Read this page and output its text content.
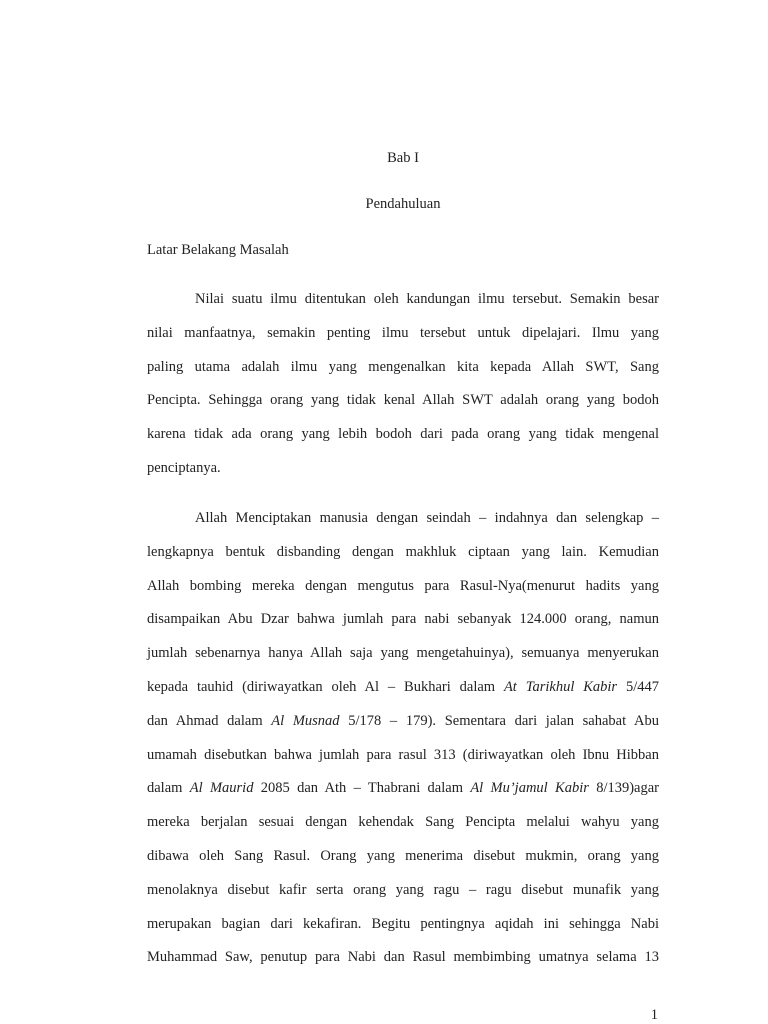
Bab I

Pendahuluan

Latar Belakang Masalah

Nilai suatu ilmu ditentukan oleh kandungan ilmu tersebut. Semakin besar
nilai manfaatnya, semakin penting ilmu tersebut untuk dipelajari. Ilmu yang
paling utama adalah ilmu yang mengenalkan kita kepada Allah SWT, Sang
Pencipta. Sehingga orang yang tidak kenal Allah SWT adalah orang yang bodoh
karena tidak ada orang yang lebih bodoh dari pada orang yang tidak mengenal
penciptanya.
Allah Menciptakan manusia dengan seindah – indahnya dan selengkap –
lengkapnya bentuk disbanding dengan makhluk ciptaan yang lain. Kemudian
Allah bombing mereka dengan mengutus para Rasul-Nya(menurut hadits yang
disampaikan Abu Dzar bahwa jumlah para nabi sebanyak 124.000 orang, namun
jumlah sebenarnya hanya Allah saja yang mengetahuinya), semuanya menyerukan
kepada tauhid (diriwayatkan oleh Al – Bukhari dalam At Tarikhul Kabir 5/447
dan Ahmad dalam Al Musnad 5/178 – 179). Sementara dari jalan sahabat Abu
umamah disebutkan bahwa jumlah para rasul 313 (diriwayatkan oleh Ibnu Hibban
dalam Al Maurid 2085 dan Ath – Thabrani dalam Al Mu’jamul Kabir 8/139)agar
mereka berjalan sesuai dengan kehendak Sang Pencipta melalui wahyu yang
dibawa oleh Sang Rasul. Orang yang menerima disebut mukmin, orang yang
menolaknya disebut kafir serta orang yang ragu – ragu disebut munafik yang
merupakan bagian dari kekafiran. Begitu pentingnya aqidah ini sehingga Nabi
Muhammad Saw, penutup para Nabi dan Rasul membimbing umatnya selama 13
1
